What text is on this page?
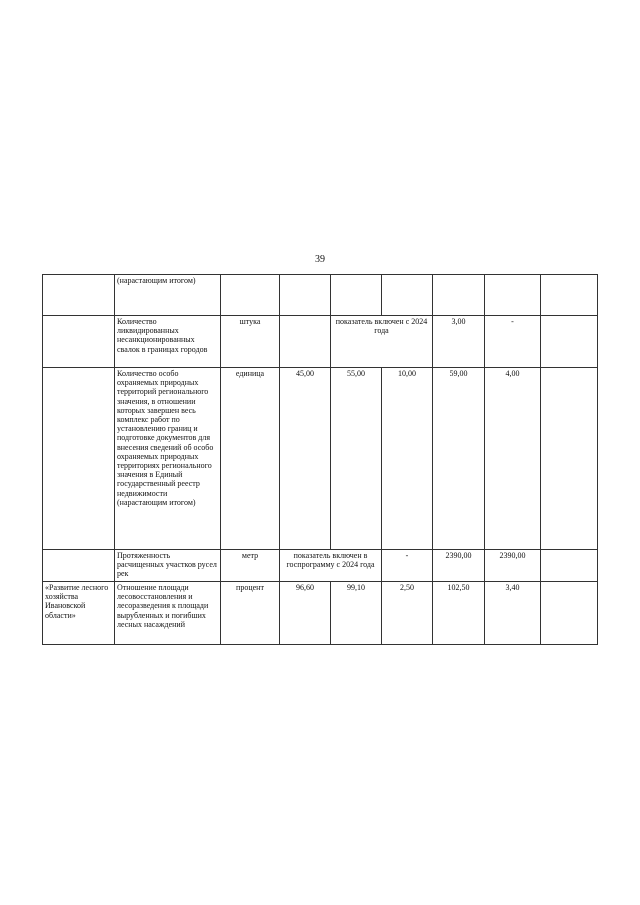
39
	(нарастающим итогом)							
	Количество ликвидированных несанкционированных свалок в границах городов	штука		показатель включен с 2024 года		3,00	-	
	Количество особо охраняемых природных территорий регионального значения, в отношении которых завершен весь комплекс работ по установлению границ и подготовке документов для внесения сведений об особо охраняемых природных территориях регионального значения в Единый государственный реестр недвижимости (нарастающим итогом)	единица	45,00	55,00	10,00	59,00	4,00	
	Протяженность расчищенных участков русел рек	метр	показатель включен в госпрограмму с 2024 года		-	2390,00	2390,00	
«Развитие лесного хозяйства Ивановской области»	Отношение площади лесовосстановления и лесоразведения к площади вырубленных и погибших лесных насаждений	процент	96,60	99,10	2,50	102,50	3,40	
